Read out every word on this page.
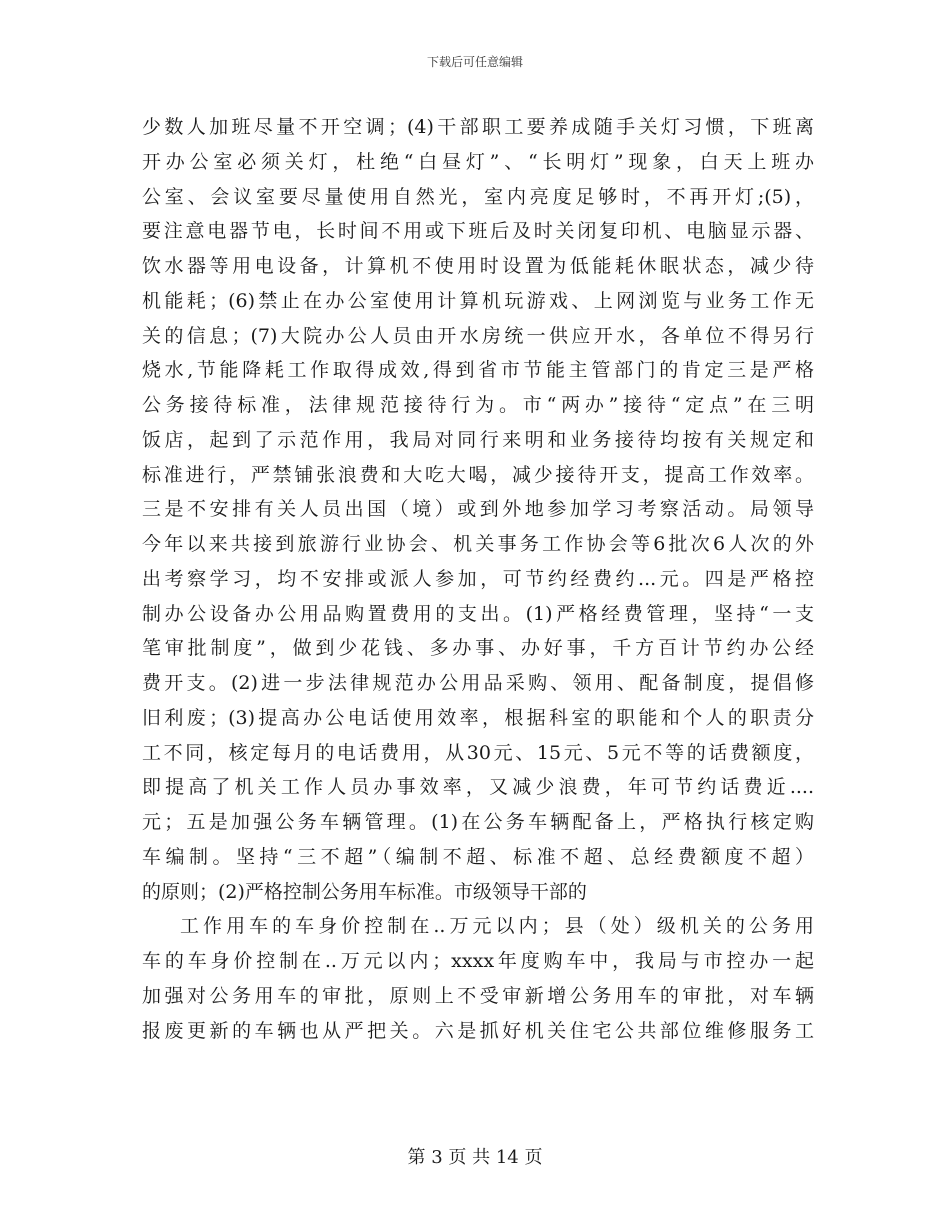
下载后可任意编辑
少数人加班尽量不开空调；(4)干部职工要养成随手关灯习惯，下班离
开办公室必须关灯，杜绝“白昼灯”、“长明灯”现象，白天上班办
公室、会议室要尽量使用自然光，室内亮度足够时，不再开灯;(5)，
要注意电器节电，长时间不用或下班后及时关闭复印机、电脑显示器、
饮水器等用电设备，计算机不使用时设置为低能耗休眠状态，减少待
机能耗；(6)禁止在办公室使用计算机玩游戏、上网浏览与业务工作无
关的信息；(7)大院办公人员由开水房统一供应开水，各单位不得另行
烧水,节能降耗工作取得成效,得到省市节能主管部门的肯定三是严格
公务接待标准，法律规范接待行为。市“两办”接待“定点”在三明
饭店，起到了示范作用，我局对同行来明和业务接待均按有关规定和
标准进行，严禁铺张浪费和大吃大喝，减少接待开支，提高工作效率。
三是不安排有关人员出国（境）或到外地参加学习考察活动。局领导
今年以来共接到旅游行业协会、机关事务工作协会等6批次6人次的外
出考察学习，均不安排或派人参加，可节约经费约...元。四是严格控
制办公设备办公用品购置费用的支出。(1)严格经费管理，坚持“一支
笔审批制度”，做到少花钱、多办事、办好事，千方百计节约办公经
费开支。(2)进一步法律规范办公用品采购、领用、配备制度，提倡修
旧利废；(3)提高办公电话使用效率，根据科室的职能和个人的职责分
工不同，核定每月的电话费用，从30元、15元、5元不等的话费额度，
即提高了机关工作人员办事效率，又减少浪费，年可节约话费近....
元；五是加强公务车辆管理。(1)在公务车辆配备上，严格执行核定购
车编制。坚持“三不超”（编制不超、标准不超、总经费额度不超）
的原则；(2)严格控制公务用车标准。市级领导干部的
工作用车的车身价控制在..万元以内；县（处）级机关的公务用
车的车身价控制在..万元以内；xxxx年度购车中，我局与市控办一起
加强对公务用车的审批，原则上不受审新增公务用车的审批，对车辆
报废更新的车辆也从严把关。六是抓好机关住宅公共部位维修服务工
第 3 页 共 14 页
